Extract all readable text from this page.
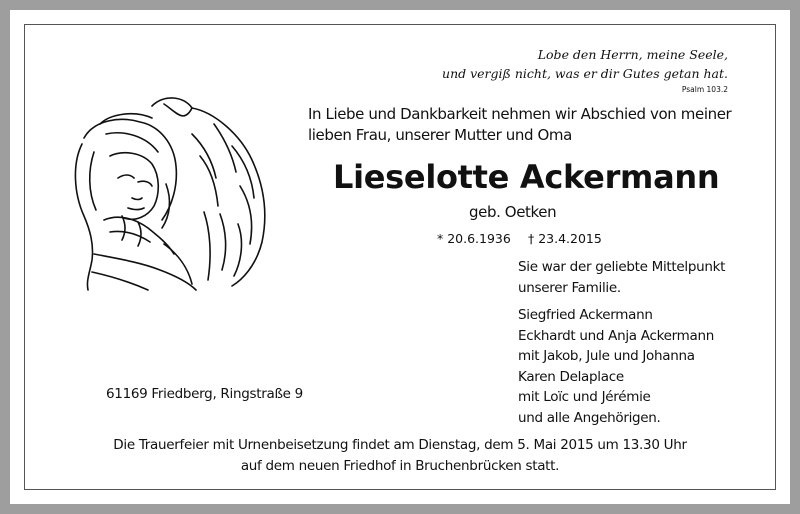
Lobe den Herrn, meine Seele,
und vergiß nicht, was er dir Gutes getan hat.
Psalm 103.2
In Liebe und Dankbarkeit nehmen wir Abschied von meiner
lieben Frau, unserer Mutter und Oma
Lieselotte Ackermann
geb. Oetken
* 20.6.1936 † 23.4.2015
Sie war der geliebte Mittelpunkt
unserer Familie.
Siegfried Ackermann
Eckhardt und Anja Ackermann
mit Jakob, Jule und Johanna
Karen Delaplace
mit Loïc und Jérémie
und alle Angehörigen.
61169 Friedberg, Ringstraße 9
Die Trauerfeier mit Urnenbeisetzung findet am Dienstag, dem 5. Mai 2015 um 13.30 Uhr
auf dem neuen Friedhof in Bruchenbrücken statt.
